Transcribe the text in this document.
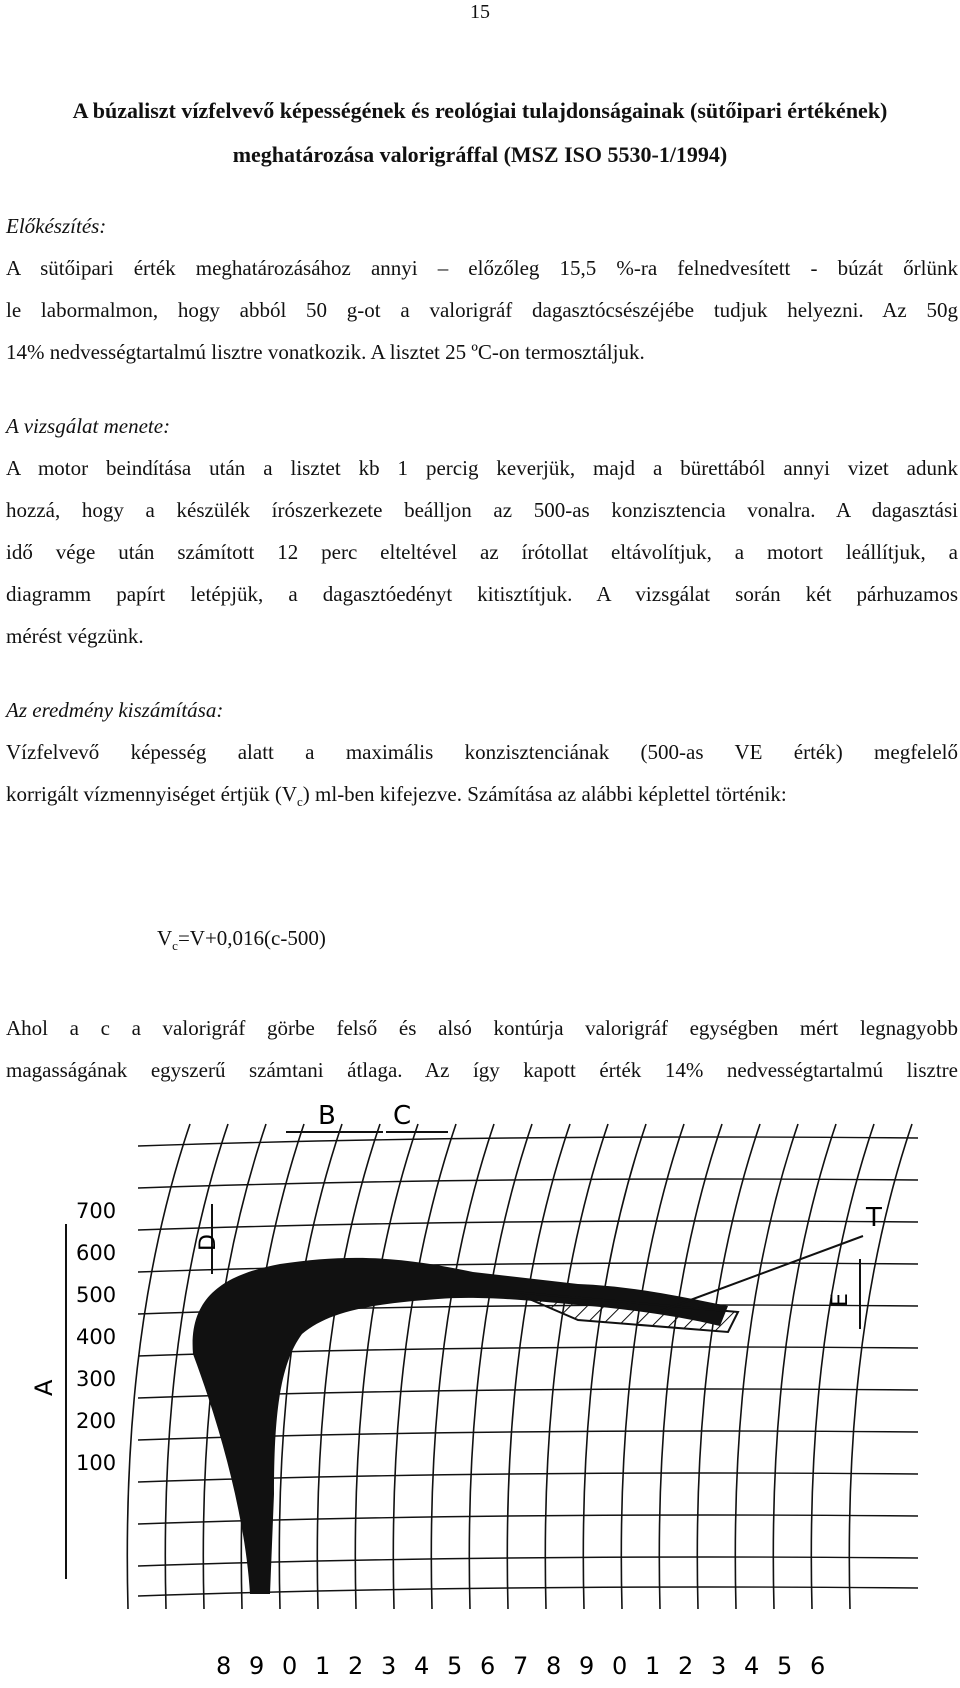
15
A búzaliszt vízfelvevő képességének és reológiai tulajdonságainak (sütőipari értékének)
meghatározása valorigráffal (MSZ ISO 5530-1/1994)
Előkészítés:
A sütőipari érték meghatározásához annyi – előzőleg 15,5 %-ra felnedvesített - búzát őrlünk
le labormalmon, hogy abból 50 g-ot a valorigráf dagasztócsészéjébe tudjuk helyezni. Az 50g
14% nedvességtartalmú lisztre vonatkozik. A lisztet 25 ºC-on termosztáljuk.
A vizsgálat menete:
A motor beindítása után a lisztet kb 1 percig keverjük, majd a bürettából annyi vizet adunk
hozzá, hogy a készülék írószerkezete beálljon az 500-as konzisztencia vonalra. A dagasztási
idő vége után számított 12 perc elteltével az írótollat eltávolítjuk, a motort leállítjuk, a
diagramm papírt letépjük, a dagasztóedényt kitisztítjuk. A vizsgálat során két párhuzamos
mérést végzünk.
Az eredmény kiszámítása:
Vízfelvevő képesség alatt a maximális konzisztenciának (500-as VE érték) megfelelő
korrigált vízmennyiséget értjük $(V_c)$ ml-ben kifejezve. Számítása az alábbi képlettel történik:
$V_c=V+0,016(c-500)$
Ahol a c a valorigráf görbe felső és alsó kontúrja valorigráf egységben mért legnagyobb
magasságának egyszerű számtani átlaga. Az így kapott érték 14% nedvességtartalmú lisztre
700
600
500
400
300
200
100
8 9 0 1 2 3 4 5 6 7 8 9 0 1 2 3 4 5 6
B C
A
D
E
T
